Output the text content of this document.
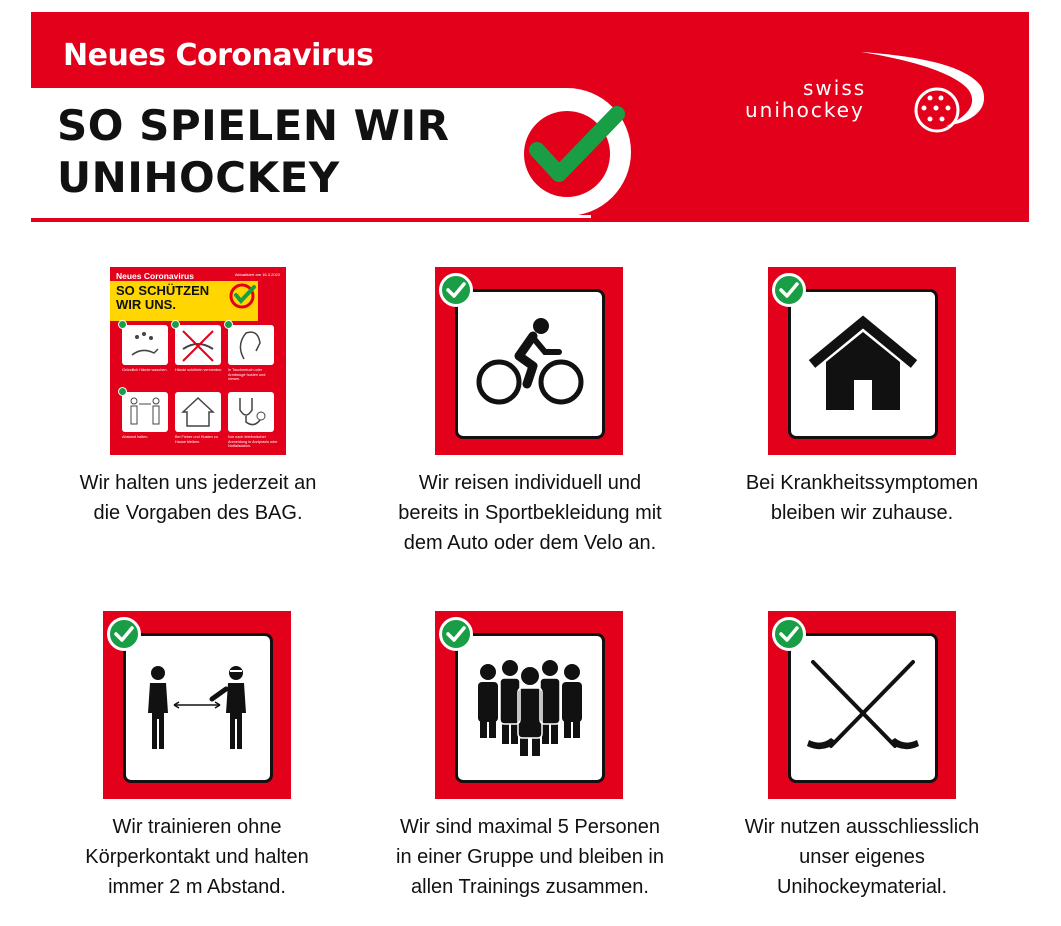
Neues Coronavirus
SO SPIELEN WIR
UNIHOCKEY
swiss
unihockey
Neues Coronavirus	Aktualisiert am 16.3.2020
SO SCHÜTZEN
WIR UNS.
Gründlich Hände waschen.	Hände schütteln vermeiden.	In Taschentuch oder Armbeuge husten und niesen.
Abstand halten.	Bei Fieber und Husten zu Hause bleiben.
Nur nach telefonischer Anmeldung in Arztpraxis oder Notfallstation.
Wir halten uns jederzeit an
die Vorgaben des BAG.
Wir reisen individuell und
bereits in Sportbekleidung mit
dem Auto oder dem Velo an.
Bei Krankheitssymptomen
bleiben wir zuhause.
Wir trainieren ohne
Körperkontakt und halten
immer 2 m Abstand.
Wir sind maximal 5 Personen
in einer Gruppe und bleiben in
allen Trainings zusammen.
Wir nutzen ausschliesslich
unser eigenes
Unihockeymaterial.
